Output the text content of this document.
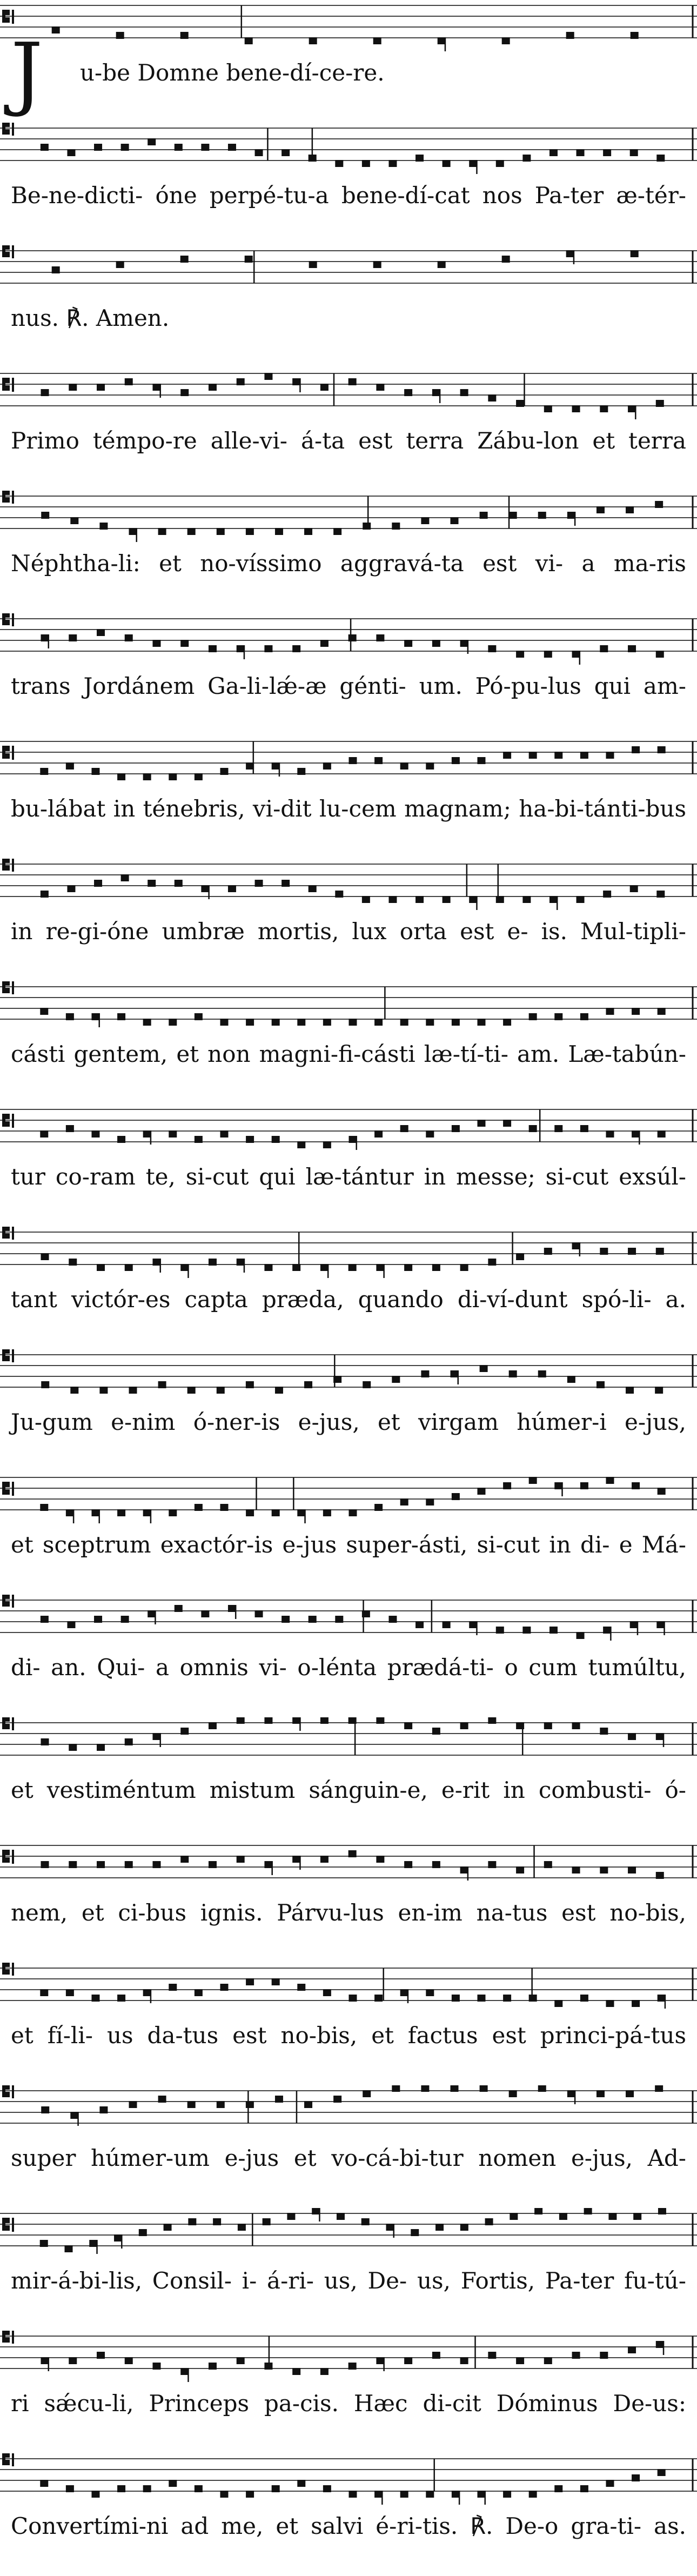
J u-be Domne bene-dí-ce-re.
Be-ne-dicti- óne perpé-tu-a bene-dí-cat nos Pa-ter æ-tér-
nus. ℟. Amen.
Primo témpo-re alle-vi- á-ta est terra Zábu-lon et terra
Néphtha-li: et no-víssimo aggravá-ta est vi- a ma-ris
trans Jordánem Ga-li-lǽ-æ génti- um. Pó-pu-lus qui am-
bu-lábat in ténebris, vi-dit lu-cem magnam; ha-bi-tánti-bus
in re-gi-óne umbræ mortis, lux orta est e- is. Mul-tipli-
cásti gentem, et non magni-fi-cásti læ-tí-ti- am. Læ-tabún-
tur co-ram te, si-cut qui læ-tántur in messe; si-cut exsúl-
tant victór-es capta præda, quando di-ví-dunt spó-li- a.
Ju-gum e-nim ó-ner-is e-jus, et virgam húmer-i e-jus,
et sceptrum exactór-is e-jus super-ásti, si-cut in di- e Má-
di- an. Qui- a omnis vi- o-lénta prædá-ti- o cum tumúltu,
et vestiméntum mistum sánguin-e, e-rit in combusti- ó-
nem, et ci-bus ignis. Párvu-lus en-im na-tus est no-bis,
et fí-li- us da-tus est no-bis, et factus est princi-pá-tus
super húmer-um e-jus et vo-cá-bi-tur nomen e-jus, Ad-
mir-á-bi-lis, Consil- i- á-ri- us, De- us, Fortis, Pa-ter fu-tú-
ri sǽcu-li, Princeps pa-cis. Hæc di-cit Dóminus De-us:
Convertími-ni ad me, et salvi é-ri-tis. ℟. De-o gra-ti- as.
